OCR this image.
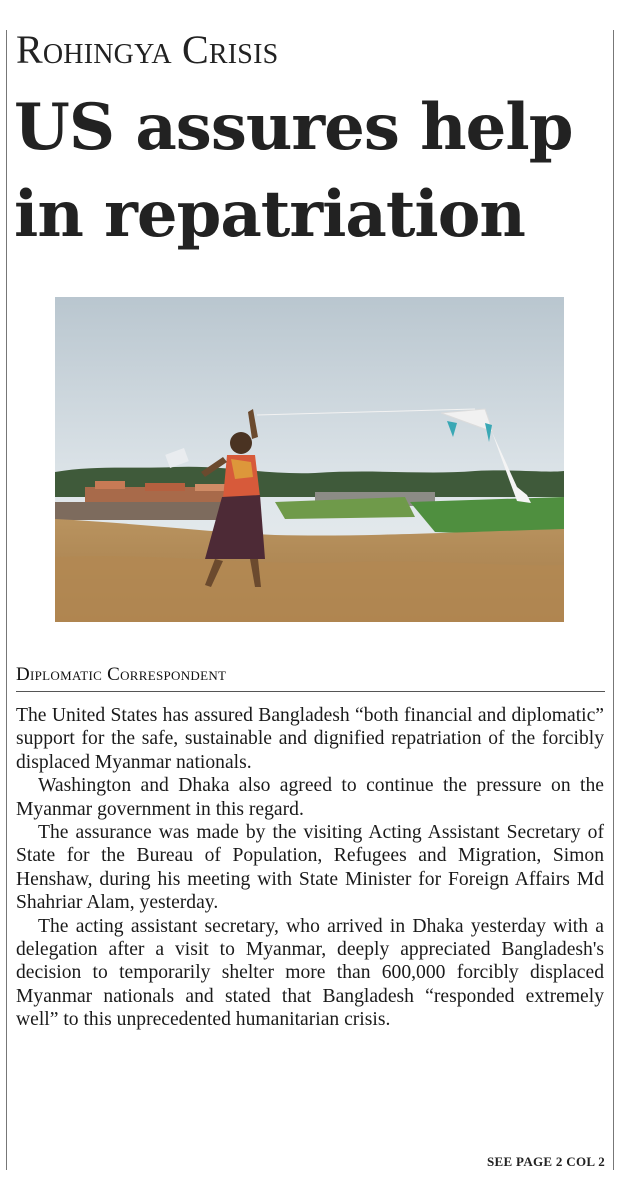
Rohingya Crisis
US assures help
in repatriation
Diplomatic Correspondent

The United States has assured Bangladesh “both financial and diplomatic” support for the safe, sustainable and dignified repatriation of the forcibly displaced Myanmar nationals.

Washington and Dhaka also agreed to continue the pressure on the Myanmar government in this regard.

The assurance was made by the visiting Acting Assistant Secretary of State for the Bureau of Population, Refugees and Migration, Simon Henshaw, during his meeting with State Minister for Foreign Affairs Md Shahriar Alam, yesterday.

The acting assistant secretary, who arrived in Dhaka yesterday with a delegation after a visit to Myanmar, deeply appreciated Bangladesh's decision to temporarily shelter more than 600,000 forcibly displaced Myanmar nationals and stated that Bangladesh “responded extremely well” to this unprecedented humanitarian crisis.

SEE PAGE 2 COL 2
